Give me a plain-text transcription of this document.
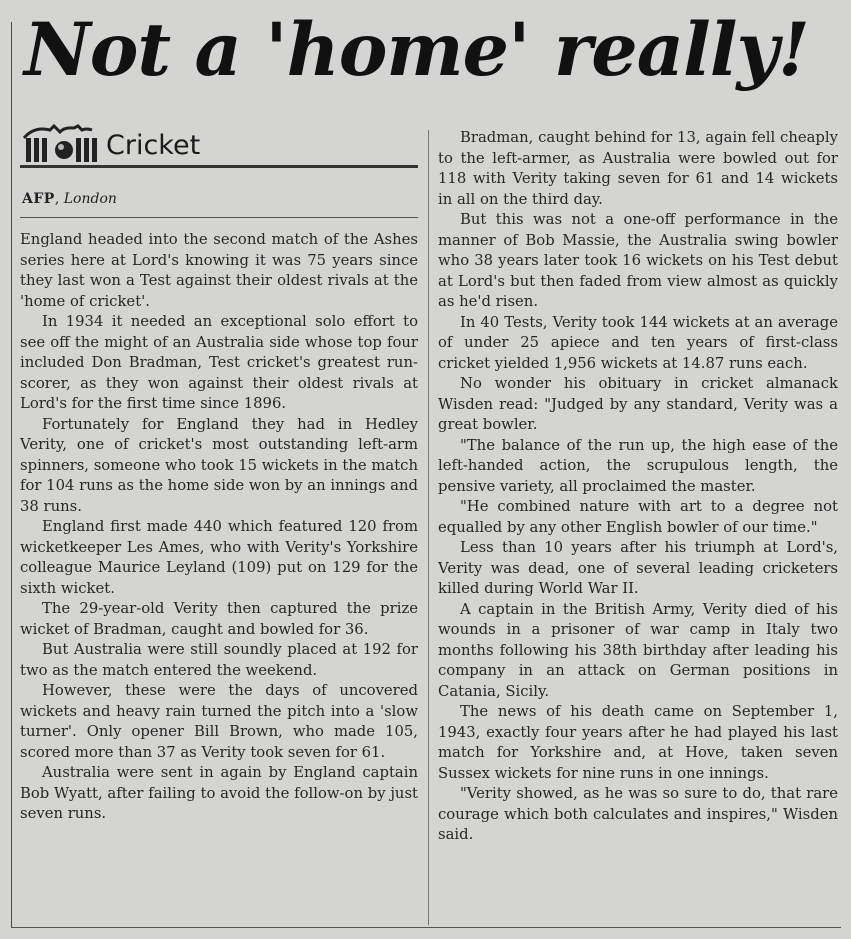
Not a 'home' really!
Cricket
AFP, London

England headed into the second match of the Ashes series here at Lord's knowing it was 75 years since they last won a Test against their oldest rivals at the 'home of cricket'.

In 1934 it needed an exceptional solo effort to see off the might of an Australia side whose top four included Don Bradman, Test cricket's greatest run-scorer, as they won against their oldest rivals at Lord's for the first time since 1896.

Fortunately for England they had in Hedley Verity, one of cricket's most outstanding left-arm spinners, someone who took 15 wickets in the match for 104 runs as the home side won by an innings and 38 runs.

England first made 440 which featured 120 from wicketkeeper Les Ames, who with Verity's Yorkshire colleague Maurice Leyland (109) put on 129 for the sixth wicket.

The 29-year-old Verity then captured the prize wicket of Bradman, caught and bowled for 36.

But Australia were still soundly placed at 192 for two as the match entered the weekend.

However, these were the days of uncovered wickets and heavy rain turned the pitch into a 'slow turner'. Only opener Bill Brown, who made 105, scored more than 37 as Verity took seven for 61.

Australia were sent in again by England captain Bob Wyatt, after failing to avoid the follow-on by just seven runs.

Bradman, caught behind for 13, again fell cheaply to the left-armer, as Australia were bowled out for 118 with Verity taking seven for 61 and 14 wickets in all on the third day.

But this was not a one-off performance in the manner of Bob Massie, the Australia swing bowler who 38 years later took 16 wickets on his Test debut at Lord's but then faded from view almost as quickly as he'd risen.

In 40 Tests, Verity took 144 wickets at an average of under 25 apiece and ten years of first-class cricket yielded 1,956 wickets at 14.87 runs each.

No wonder his obituary in cricket almanack Wisden read: "Judged by any standard, Verity was a great bowler.

"The balance of the run up, the high ease of the left-handed action, the scrupulous length, the pensive variety, all proclaimed the master.

"He combined nature with art to a degree not equalled by any other English bowler of our time."

Less than 10 years after his triumph at Lord's, Verity was dead, one of several leading cricketers killed during World War II.

A captain in the British Army, Verity died of his wounds in a prisoner of war camp in Italy two months following his 38th birthday after leading his company in an attack on German positions in Catania, Sicily.

The news of his death came on September 1, 1943, exactly four years after he had played his last match for Yorkshire and, at Hove, taken seven Sussex wickets for nine runs in one innings.

"Verity showed, as he was so sure to do, that rare courage which both calculates and inspires," Wisden said.
